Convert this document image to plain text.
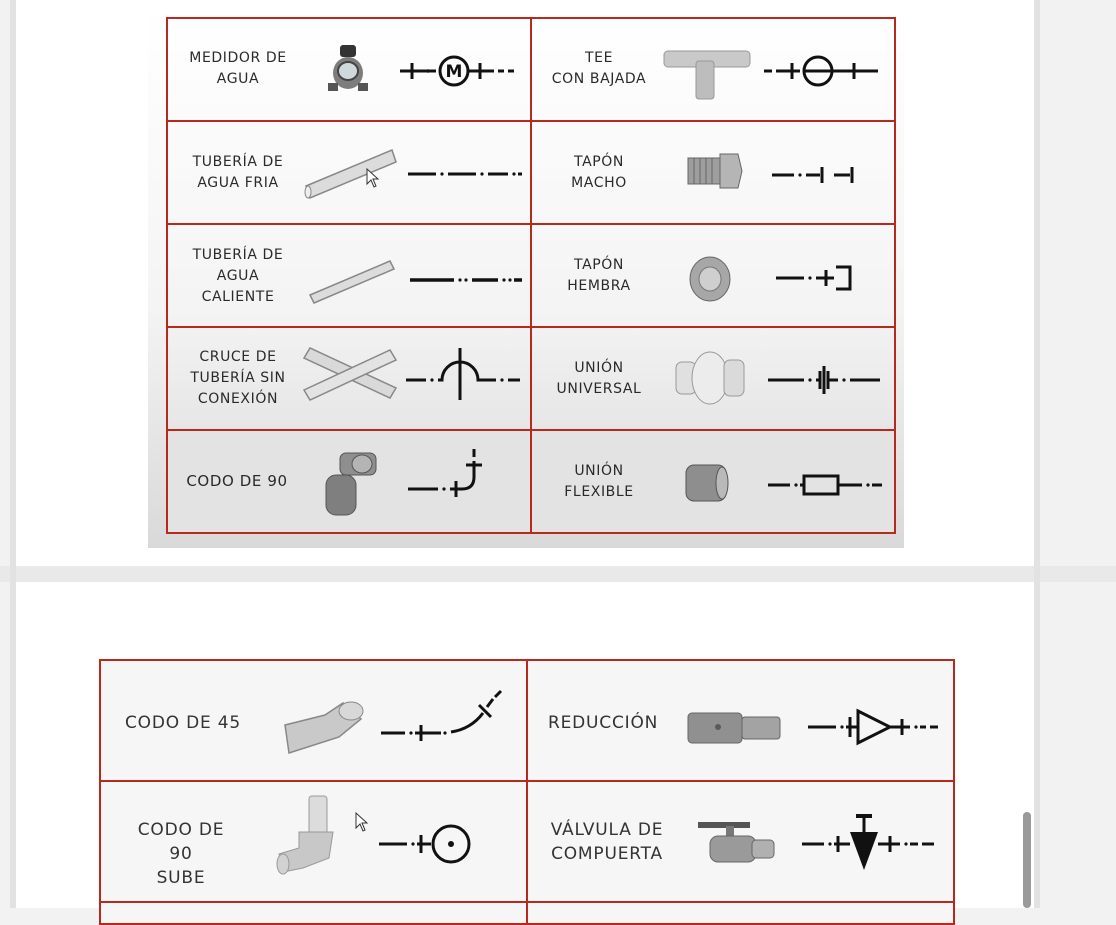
MEDIDOR DE
AGUA M	TEE
CON BAJADA

TUBERÍA DE
AGUA FRIA	TAPÓN
MACHO

TUBERÍA DE
AGUA
CALIENTE	TAPÓN
HEMBRA

CRUCE DE
TUBERÍA SIN
CONEXIÓN	UNIÓN
UNIVERSAL

CODO DE 90	UNIÓN
FLEXIBLE
CODO DE 45	REDUCCIÓN

CODO DE 90
SUBE	VÁLVULA DE
COMPUERTA
